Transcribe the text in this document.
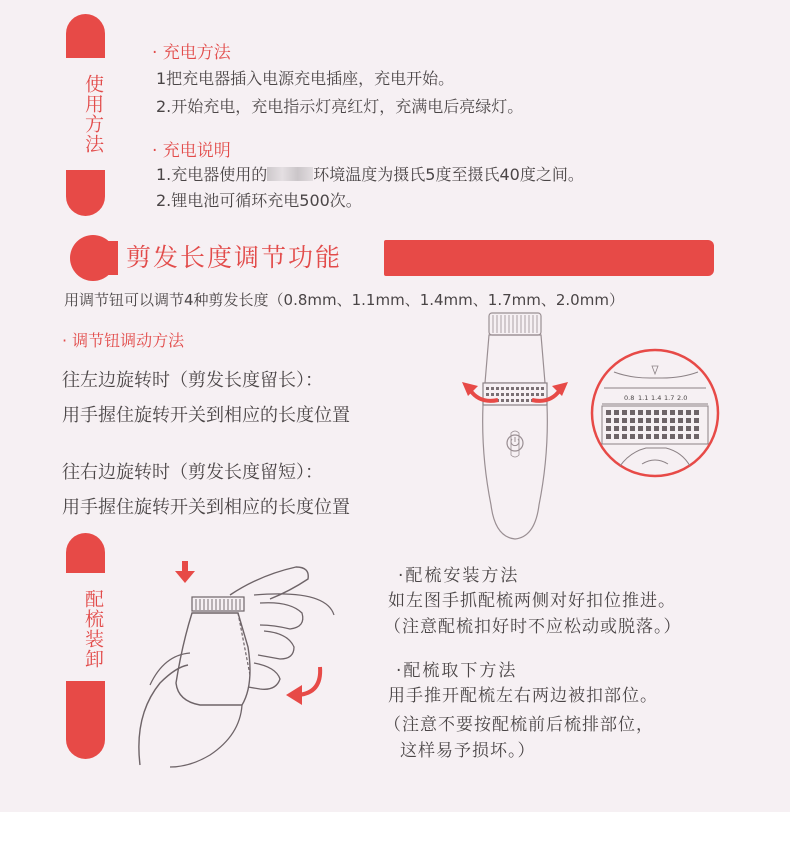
使用方法
· 充电方法
1把充电器插入电源充电插座，充电开始。
2.开始充电，充电指示灯亮红灯，充满电后亮绿灯。
· 充电说明
1.充电器使用的	环境温度为摄氏5度至摄氏40度之间。
2.锂电池可循环充电500次。
剪发长度调节功能
用调节钮可以调节4种剪发长度（0.8mm、1.1mm、1.4mm、1.7mm、2.0mm）
· 调节钮调动方法
往左边旋转时（剪发长度留长）：
用手握住旋转开关到相应的长度位置
往右边旋转时（剪发长度留短）：
用手握住旋转开关到相应的长度位置
0.8 1.1 1.4 1.7 2.0
配梳装卸
·配梳安装方法
如左图手抓配梳两侧对好扣位推进。
（注意配梳扣好时不应松动或脱落。）
·配梳取下方法
用手推开配梳左右两边被扣部位。
（注意不要按配梳前后梳排部位，
这样易予损坏。）
